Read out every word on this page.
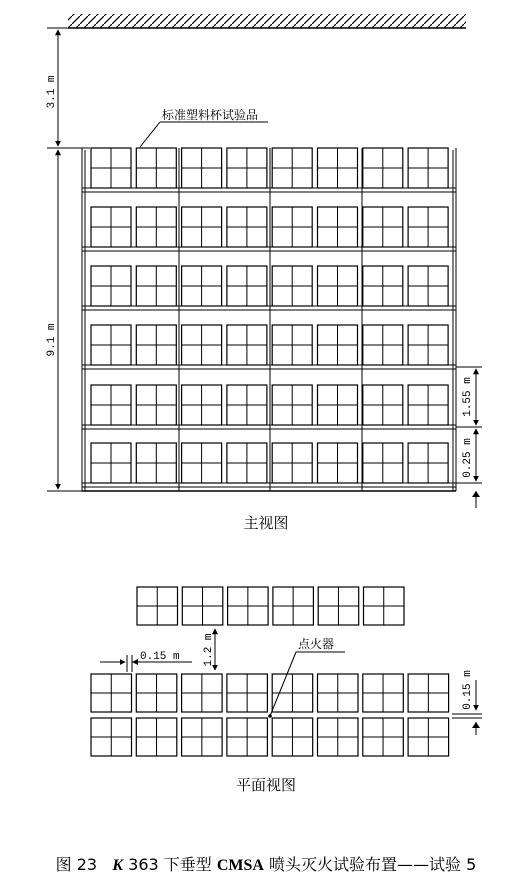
3.1 m
9.1 m
1.55 m
0.25 m
标准塑料杯试验品
主视图
1.2 m
0.15 m
0.15 m
点火器
平面视图
图 23 K 363 下垂型 CMSA 喷头灭火试验布置——试验 5
